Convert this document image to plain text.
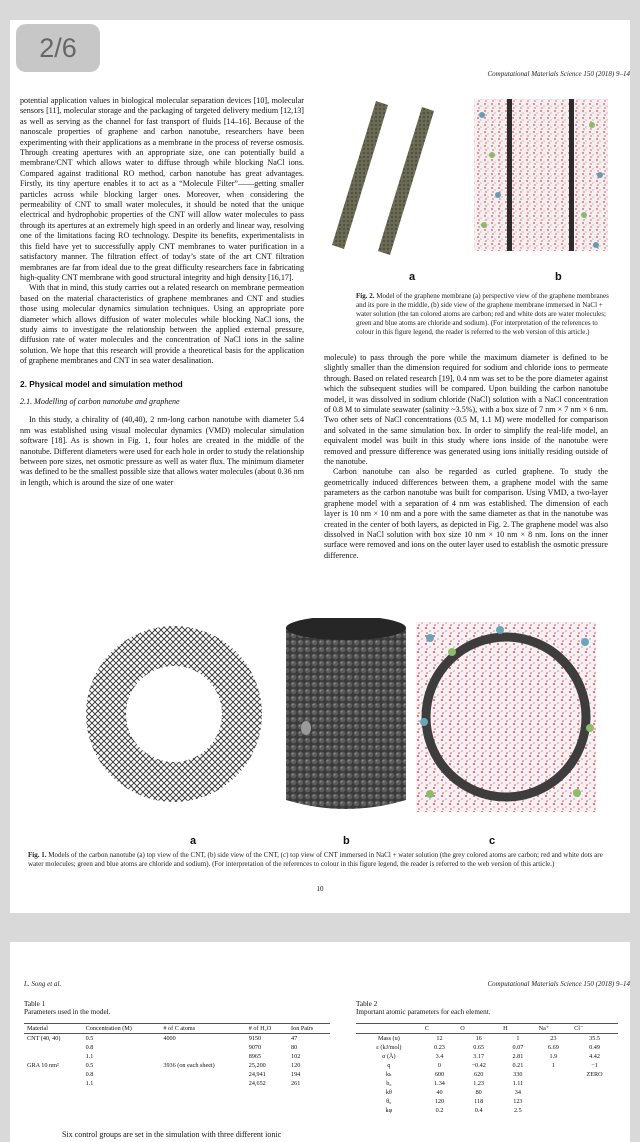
2/6
Computational Materials Science 150 (2018) 9–14
a	b
Fig. 2. Model of the graphene membrane (a) perspective view of the graphene membranes and its pore in the middle, (b) side view of the graphene membrane immersed in NaCl + water solution (the tan colored atoms are carbon; red and white dots are water molecules; green and blue atoms are chloride and sodium). (For interpretation of the references to colour in this figure legend, the reader is referred to the web version of this article.)

potential application values in biological molecular separation devices [10], molecular sensors [11], molecular storage and the packaging of targeted delivery medium [12,13] as well as serving as the channel for fast transport of fluids [14–16]. Because of the nanoscale properties of graphene and carbon nanotube, researchers have been experimenting with their applications as a membrane in the process of reverse osmosis. Through creating apertures with an appropriate size, one can potentially build a membrane/CNT which allows water to diffuse through while blocking NaCl ions. Compared against traditional RO method, carbon nanotube has great advantages. Firstly, its tiny aperture enables it to act as a “Molecule Filter”——getting smaller particles across while blocking larger ones. Moreover, when considering the permeability of CNT to small water molecules, it should be noted that the unique electrical and hydrophobic properties of the CNT will allow water molecules to pass through its apertures at an extremely high speed in an orderly and linear way, resolving one of the limitations facing RO technology. Despite its benefits, experimentalists in this field have yet to successfully apply CNT membranes to water purification in a satisfactory manner. The filtration effect of today’s state of the art CNT filtration membranes are far from ideal due to the great difficulty researchers face in fabricating high-quality CNT membrane with good structural integrity and high density [16,17].

With that in mind, this study carries out a related research on membrane permeation based on the material characteristics of graphene membranes and CNT and studies those using molecular dynamics simulation techniques. Using an appropriate pore diameter which allows diffusion of water molecules while blocking NaCl ions, the study aims to investigate the relationship between the applied external pressure, diffusion rate of water molecules and the concentration of NaCl ions in the saline solution. We hope that this research will provide a theoretical basis for the application of graphene membranes and CNT in sea water desalination.

2. Physical model and simulation method
2.1. Modelling of carbon nanotube and graphene

In this study, a chirality of (40,40), 2 nm-long carbon nanotube with diameter 5.4 nm was established using visual molecular dynamics (VMD) molecular simulation software [18]. As is shown in Fig. 1, four holes are created in the middle of the nanotube. Different diameters were used for each hole in order to study the relationship between pore sizes, net osmotic pressure as well as water flux. The minimum diameter was defined to be the smallest possible size that allows water molecules (about 0.36 nm in length, which is around the size of one water

molecule) to pass through the pore while the maximum diameter is defined to be slightly smaller than the dimension required for sodium and chloride ions to permeate through. Based on related research [19], 0.4 nm was set to be the pore diameter against which the subsequent studies will be compared. Upon building the carbon nanotube model, it was dissolved in sodium chloride (NaCl) solution with a NaCl concentration of 0.8 M to simulate seawater (salinity ~3.5%), with a box size of 7 nm × 7 nm × 6 nm. Two other sets of NaCl concentrations (0.5 M, 1.1 M) were modelled for comparison and solvated in the same simulation box. In order to simplify the real-life model, an equivalent model was built in this study where ions inside of the nanotube were removed and pressure difference was generated using ions initially residing outside of the nanotube.

Carbon nanotube can also be regarded as curled graphene. To study the geometrically induced differences between them, a graphene model with the same parameters as the carbon nanotube was built for comparison. Using VMD, a two-layer graphene model with a separation of 4 nm was established. The dimension of each layer is 10 nm × 10 nm and a pore with the same diameter as that in the nanotube was created in the center of both layers, as depicted in Fig. 2. The graphene model was also dissolved in NaCl solution with box size 10 nm × 10 nm × 8 nm. Ions on the inner surface were removed and ions on the outer layer used to establish the osmotic pressure difference.

a	b	c
Fig. 1. Models of the carbon nanotube (a) top view of the CNT, (b) side view of the CNT, (c) top view of CNT immersed in NaCl + water solution (the grey colored atoms are carbon; red and white dots are water molecules; green and blue atoms are chloride and sodium). (For interpretation of the references to colour in this figure legend, the reader is referred to the web version of this article.)
10
L. Song et al.	Computational Materials Science 150 (2018) 9–14
Table 1
Parameters used in the model.
Material	Concentration (M)	# of C atoms	# of H₂O	Ion Pairs
CNT (40, 40)	0.5	4000	9150	47
	0.8		9070	80
	1.1		8965	102
GRA 10 nm²	0.5	3936 (on each sheet)	25,200	120
	0.8		24,941	194
	1.1		24,652	261
Table 2
Important atomic parameters for each element.
	C	O	H	Na⁺	Cl⁻
Mass (u)	12	16	1	23	35.5
ε (kJ/mol)	0.23	0.65	0.07	6.69	0.49
σ (Å)	3.4	3.17	2.81	1.9	4.42
q	0	−0.42	0.21	1	−1
kₕ	600	620	330		ZERO
b₀	1.34	1.23	1.11		
kθ	40	80	34		
θ₀	120	118	123		
kφ	0.2	0.4	2.5		
Six control groups are set in the simulation with three different ionic
